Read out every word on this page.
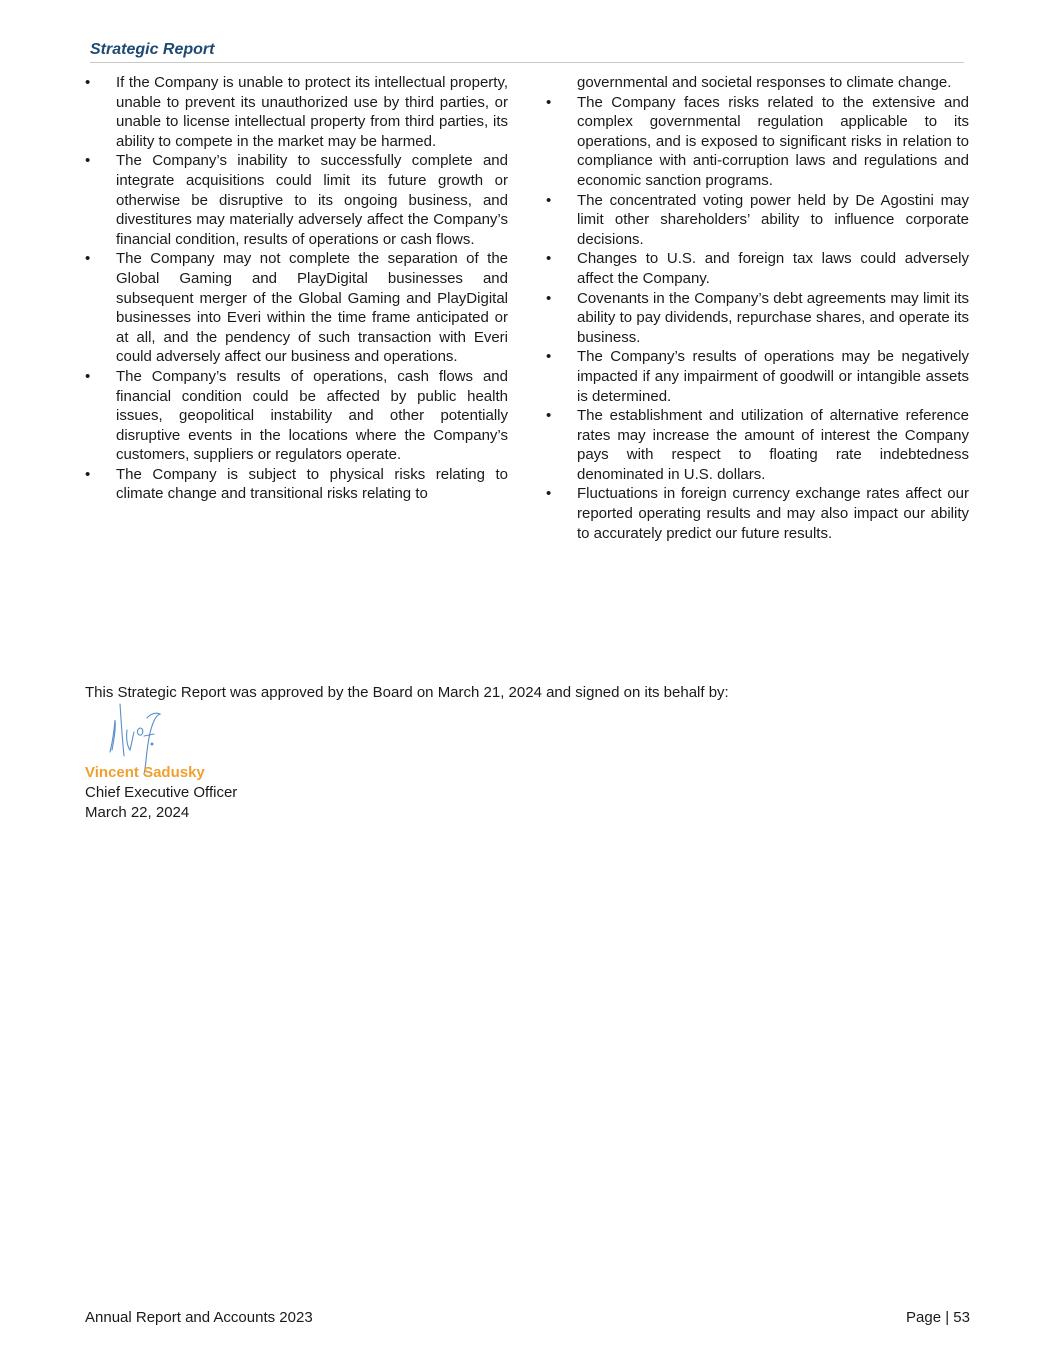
Strategic Report
• If the Company is unable to protect its intellectual property, unable to prevent its unauthorized use by third parties, or unable to license intellectual property from third parties, its ability to compete in the market may be harmed.
• The Company’s inability to successfully complete and integrate acquisitions could limit its future growth or otherwise be disruptive to its ongoing business, and divestitures may materially adversely affect the Company’s financial condition, results of operations or cash flows.
• The Company may not complete the separation of the Global Gaming and PlayDigital businesses and subsequent merger of the Global Gaming and PlayDigital businesses into Everi within the time frame anticipated or at all, and the pendency of such transaction with Everi could adversely affect our business and operations.
• The Company’s results of operations, cash flows and financial condition could be affected by public health issues, geopolitical instability and other potentially disruptive events in the locations where the Company’s customers, suppliers or regulators operate.
• The Company is subject to physical risks relating to climate change and transitional risks relating to
governmental and societal responses to climate change.
• The Company faces risks related to the extensive and complex governmental regulation applicable to its operations, and is exposed to significant risks in relation to compliance with anti-corruption laws and regulations and economic sanction programs.
• The concentrated voting power held by De Agostini may limit other shareholders’ ability to influence corporate decisions.
• Changes to U.S. and foreign tax laws could adversely affect the Company.
• Covenants in the Company’s debt agreements may limit its ability to pay dividends, repurchase shares, and operate its business.
• The Company’s results of operations may be negatively impacted if any impairment of goodwill or intangible assets is determined.
• The establishment and utilization of alternative reference rates may increase the amount of interest the Company pays with respect to floating rate indebtedness denominated in U.S. dollars.
• Fluctuations in foreign currency exchange rates affect our reported operating results and may also impact our ability to accurately predict our future results.
This Strategic Report was approved by the Board on March 21, 2024 and signed on its behalf by:
Vincent Sadusky
Chief Executive Officer
March 22, 2024
Annual Report and Accounts 2023	Page | 53
